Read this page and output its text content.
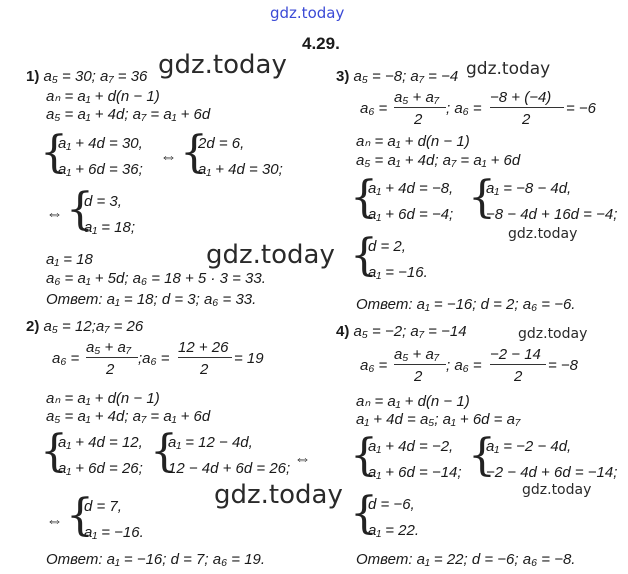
gdz.today
gdz.today
gdz.today
gdz.today
gdz.today
gdz.today
gdz.today
gdz.today
4.29.
1) a₅ = 30; a₇ = 36
aₙ = a₁ + d(n − 1)
a₅ = a₁ + 4d; a₇ = a₁ + 6d
{
a₁ + 4d = 30,
a₁ + 6d = 36;
⇔ {
2d = 6,
a₁ + 4d = 30;
⇔ {
d = 3,
a₁ = 18;
a₁ = 18
a₆ = a₁ + 5d; a₆ = 18 + 5 · 3 = 33.
Ответ: a₁ = 18; d = 3; a₆ = 33.
2) a₅ = 12;a₇ = 26
a₆ =
a₅ + a₇
2
;a₆ =
12 + 26
2
= 19
aₙ = a₁ + d(n − 1)
a₅ = a₁ + 4d; a₇ = a₁ + 6d
{
a₁ + 4d = 12,
a₁ + 6d = 26; {
a₁ = 12 − 4d,
12 − 4d + 6d = 26;
⇔
⇔ {
d = 7,
a₁ = −16.
Ответ: a₁ = −16; d = 7; a₆ = 19.
3) a₅ = −8; a₇ = −4
a₆ =
a₅ + a₇
2
; a₆ =
−8 + (−4)
2
= −6
aₙ = a₁ + d(n − 1)
a₅ = a₁ + 4d; a₇ = a₁ + 6d
{
a₁ + 4d = −8,
a₁ + 6d = −4; {
a₁ = −8 − 4d,
−8 − 4d + 16d = −4;
{
d = 2,
a₁ = −16.
Ответ: a₁ = −16; d = 2; a₆ = −6.
4) a₅ = −2; a₇ = −14
a₆ =
a₅ + a₇
2
; a₆ =
−2 − 14
2
= −8
aₙ = a₁ + d(n − 1)
a₁ + 4d = a₅; a₁ + 6d = a₇
{
a₁ + 4d = −2,
a₁ + 6d = −14; {
a₁ = −2 − 4d,
−2 − 4d + 6d = −14;
{
d = −6,
a₁ = 22.
Ответ: a₁ = 22; d = −6; a₆ = −8.
